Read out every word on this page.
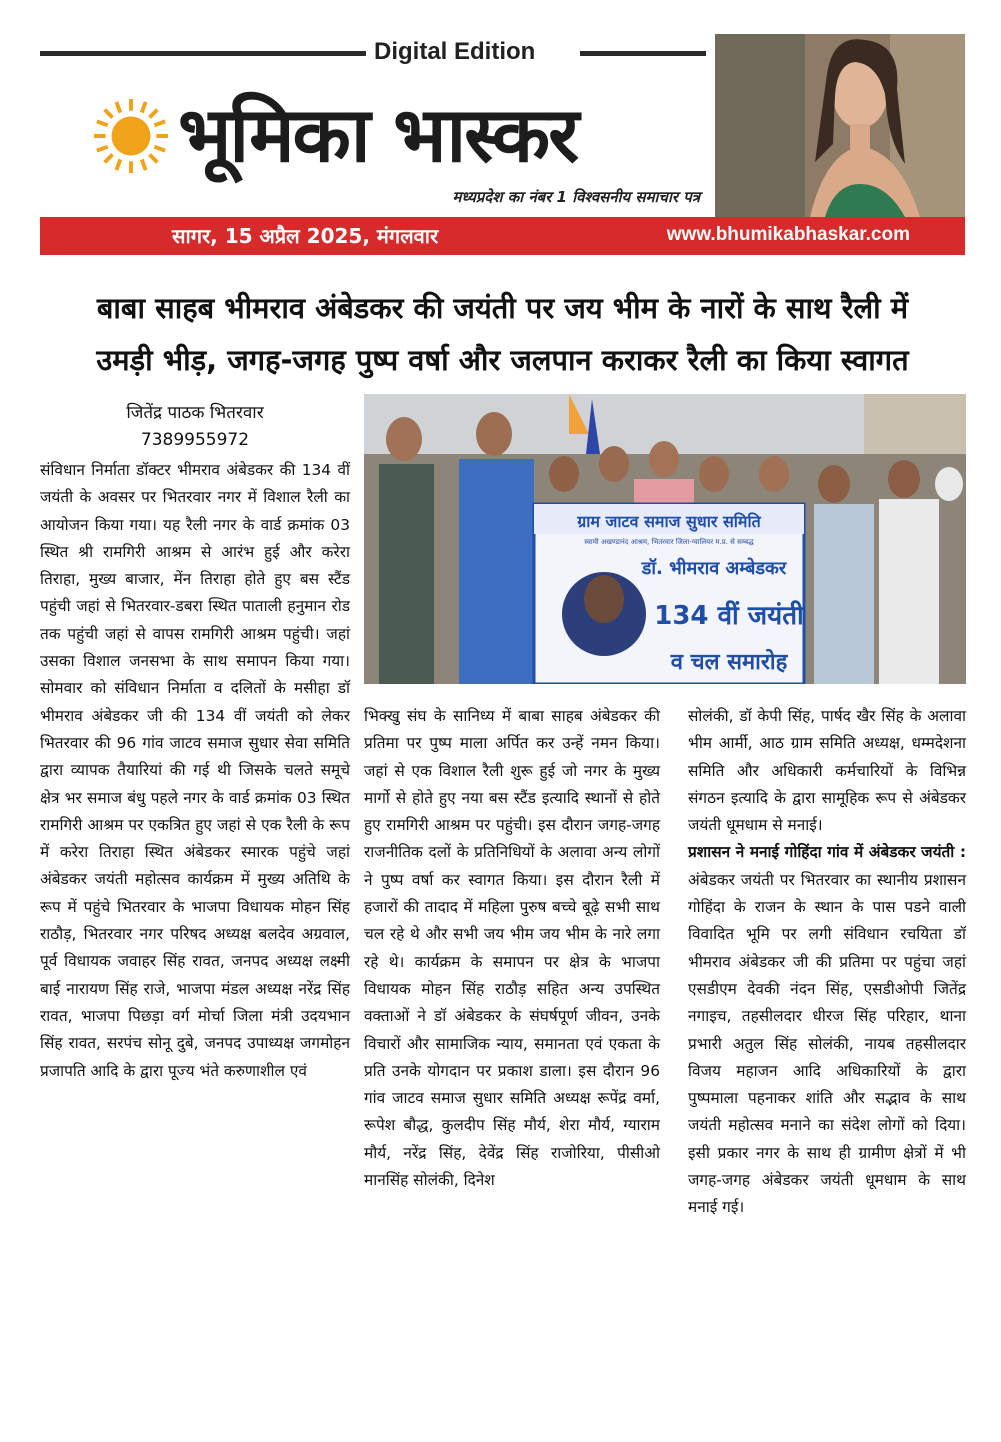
Digital Edition
भूमिका भास्कर
मध्यप्रदेश का नंबर 1 विश्वसनीय समाचार पत्र
सागर, 15 अप्रैल 2025, मंगलवार	www.bhumikabhaskar.com
बाबा साहब भीमराव अंबेडकर की जयंती पर जय भीम के नारों के साथ रैली में
उमड़ी भीड़, जगह-जगह पुष्प वर्षा और जलपान कराकर रैली का किया स्वागत
जितेंद्र पाठक भितरवार
7389955972

संविधान निर्माता डॉक्टर भीमराव अंबेडकर की 134 वीं जयंती के अवसर पर भितरवार नगर में विशाल रैली का आयोजन किया गया। यह रैली नगर के वार्ड क्रमांक 03 स्थित श्री रामगिरी आश्रम से आरंभ हुई और करेरा तिराहा, मुख्य बाजार, मेंन तिराहा होते हुए बस स्टैंड पहुंची जहां से भितरवार-डबरा स्थित पाताली हनुमान रोड तक पहुंची जहां से वापस रामगिरी आश्रम पहुंची। जहां उसका विशाल जनसभा के साथ समापन किया गया। सोमवार को संविधान निर्माता व दलितों के मसीहा डॉ भीमराव अंबेडकर जी की 134 वीं जयंती को लेकर भितरवार की 96 गांव जाटव समाज सुधार सेवा समिति द्वारा व्यापक तैयारियां की गई थी जिसके चलते समूचे क्षेत्र भर समाज बंधु पहले नगर के वार्ड क्रमांक 03 स्थित रामगिरी आश्रम पर एकत्रित हुए जहां से एक रैली के रूप में करेरा तिराहा स्थित अंबेडकर स्मारक पहुंचे जहां अंबेडकर जयंती महोत्सव कार्यक्रम में मुख्य अतिथि के रूप में पहुंचे भितरवार के भाजपा विधायक मोहन सिंह राठौड़, भितरवार नगर परिषद अध्यक्ष बलदेव अग्रवाल, पूर्व विधायक जवाहर सिंह रावत, जनपद अध्यक्ष लक्ष्मी बाई नारायण सिंह राजे, भाजपा मंडल अध्यक्ष नरेंद्र सिंह रावत, भाजपा पिछड़ा वर्ग मोर्चा जिला मंत्री उदयभान सिंह रावत, सरपंच सोनू दुबे, जनपद उपाध्यक्ष जगमोहन प्रजापति आदि के द्वारा पूज्य भंते करुणाशील एवं

ग्राम जाटव समाज सुधार समिति
स्वामी अखण्डानंद आश्रम, भितरवार जिला-ग्वालियर म.प्र. से सम्बद्ध
डॉ. भीमराव अम्बेडकर
134 वीं जयंती
व चल समारोह

भिक्खु संघ के सानिध्य में बाबा साहब अंबेडकर की प्रतिमा पर पुष्प माला अर्पित कर उन्हें नमन किया। जहां से एक विशाल रैली शुरू हुई जो नगर के मुख्य मार्गो से होते हुए नया बस स्टैंड इत्यादि स्थानों से होते हुए रामगिरी आश्रम पर पहुंची। इस दौरान जगह-जगह राजनीतिक दलों के प्रतिनिधियों के अलावा अन्य लोगों ने पुष्प वर्षा कर स्वागत किया। इस दौरान रैली में हजारों की तादाद में महिला पुरुष बच्चे बूढ़े सभी साथ चल रहे थे और सभी जय भीम जय भीम के नारे लगा रहे थे। कार्यक्रम के समापन पर क्षेत्र के भाजपा विधायक मोहन सिंह राठौड़ सहित अन्य उपस्थित वक्ताओं ने डॉ अंबेडकर के संघर्षपूर्ण जीवन, उनके विचारों और सामाजिक न्याय, समानता एवं एकता के प्रति उनके योगदान पर प्रकाश डाला। इस दौरान 96 गांव जाटव समाज सुधार समिति अध्यक्ष रूपेंद्र वर्मा, रूपेश बौद्ध, कुलदीप सिंह मौर्य, शेरा मौर्य, ग्याराम मौर्य, नरेंद्र सिंह, देवेंद्र सिंह राजोरिया, पीसीओ मानसिंह सोलंकी, दिनेश

सोलंकी, डॉ केपी सिंह, पार्षद खैर सिंह के अलावा भीम आर्मी, आठ ग्राम समिति अध्यक्ष, धम्मदेशना समिति और अधिकारी कर्मचारियों के विभिन्न संगठन इत्यादि के द्वारा सामूहिक रूप से अंबेडकर जयंती धूमधाम से मनाई।

प्रशासन ने मनाई गोहिंदा गांव में अंबेडकर जयंती : अंबेडकर जयंती पर भितरवार का स्थानीय प्रशासन गोहिंदा के राजन के स्थान के पास पडने वाली विवादित भूमि पर लगी संविधान रचयिता डॉ भीमराव अंबेडकर जी की प्रतिमा पर पहुंचा जहां एसडीएम देवकी नंदन सिंह, एसडीओपी जितेंद्र नगाइच, तहसीलदार धीरज सिंह परिहार, थाना प्रभारी अतुल सिंह सोलंकी, नायब तहसीलदार विजय महाजन आदि अधिकारियों के द्वारा पुष्पमाला पहनाकर शांति और सद्भाव के साथ जयंती महोत्सव मनाने का संदेश लोगों को दिया। इसी प्रकार नगर के साथ ही ग्रामीण क्षेत्रों में भी जगह-जगह अंबेडकर जयंती धूमधाम के साथ मनाई गई।
